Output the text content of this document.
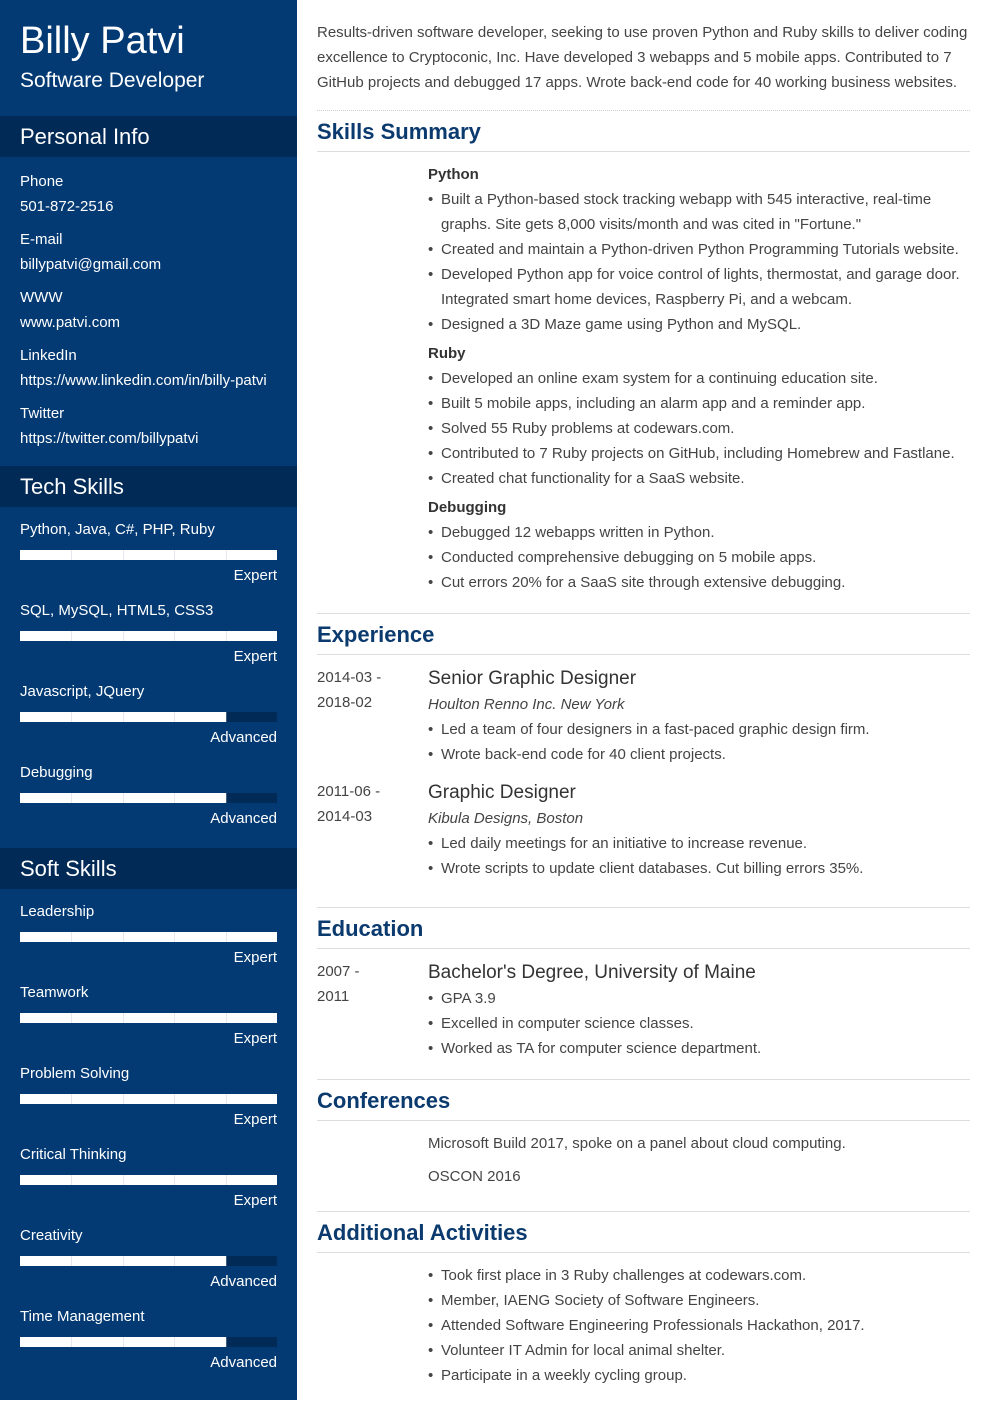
Billy Patvi
Software Developer
Personal Info
Phone
501-872-2516
E-mail
billypatvi@gmail.com
WWW
www.patvi.com
LinkedIn
https://www.linkedin.com/in/billy-patvi
Twitter
https://twitter.com/billypatvi
Tech Skills
Python, Java, C#, PHP, Ruby
Expert
SQL, MySQL, HTML5, CSS3
Expert
Javascript, JQuery
Advanced
Debugging
Advanced
Soft Skills
Leadership
Expert
Teamwork
Expert
Problem Solving
Expert
Critical Thinking
Expert
Creativity
Advanced
Time Management
Advanced

Results-driven software developer, seeking to use proven Python and Ruby skills to deliver coding excellence to Cryptoconic, Inc. Have developed 3 webapps and 5 mobile apps. Contributed to 7 GitHub projects and debugged 17 apps. Wrote back-end code for 40 working business websites.

Skills Summary
Python
• Built a Python-based stock tracking webapp with 545 interactive, real-time graphs. Site gets 8,000 visits/month and was cited in "Fortune."
• Created and maintain a Python-driven Python Programming Tutorials website.
• Developed Python app for voice control of lights, thermostat, and garage door. Integrated smart home devices, Raspberry Pi, and a webcam.
• Designed a 3D Maze game using Python and MySQL.
Ruby
• Developed an online exam system for a continuing education site.
• Built 5 mobile apps, including an alarm app and a reminder app.
• Solved 55 Ruby problems at codewars.com.
• Contributed to 7 Ruby projects on GitHub, including Homebrew and Fastlane.
• Created chat functionality for a SaaS website.
Debugging
• Debugged 12 webapps written in Python.
• Conducted comprehensive debugging on 5 mobile apps.
• Cut errors 20% for a SaaS site through extensive debugging.
Experience
2014-03 -
2018-02
Senior Graphic Designer
Houlton Renno Inc. New York
• Led a team of four designers in a fast-paced graphic design firm.
• Wrote back-end code for 40 client projects.
2011-06 -
2014-03
Graphic Designer
Kibula Designs, Boston
• Led daily meetings for an initiative to increase revenue.
• Wrote scripts to update client databases. Cut billing errors 35%.
Education
2007 -
2011
Bachelor's Degree, University of Maine
• GPA 3.9
• Excelled in computer science classes.
• Worked as TA for computer science department.
Conferences
Microsoft Build 2017, spoke on a panel about cloud computing.
OSCON 2016
Additional Activities
• Took first place in 3 Ruby challenges at codewars.com.
• Member, IAENG Society of Software Engineers.
• Attended Software Engineering Professionals Hackathon, 2017.
• Volunteer IT Admin for local animal shelter.
• Participate in a weekly cycling group.
